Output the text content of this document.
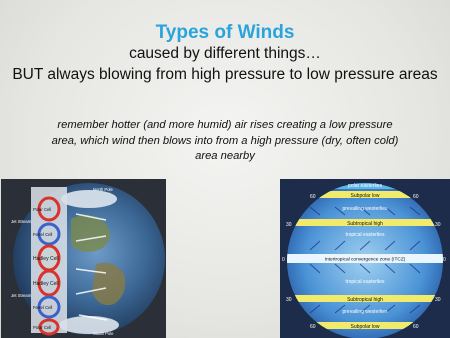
Types of Winds
caused by different things…
BUT always blowing from high pressure to low pressure areas
remember hotter (and more humid) air rises creating a low pressure area, which wind then blows into from a high pressure (dry, often cold) area nearby
North Pole
South Pole
Polar Cell
Ferrel Cell
Hadley Cell
Hadley Cell
Ferrel Cell
Polar Cell
Jet Stream
Jet Stream
polar easterlies
Subpolar low
prevailing westerlies
Subtropical high
tropical easterlies
Intertropical convergence zone (ITCZ)
tropical easterlies
Subtropical high
prevailing westerlies
Subpolar low
60	60
30	30
0	0
30	30
60	60
